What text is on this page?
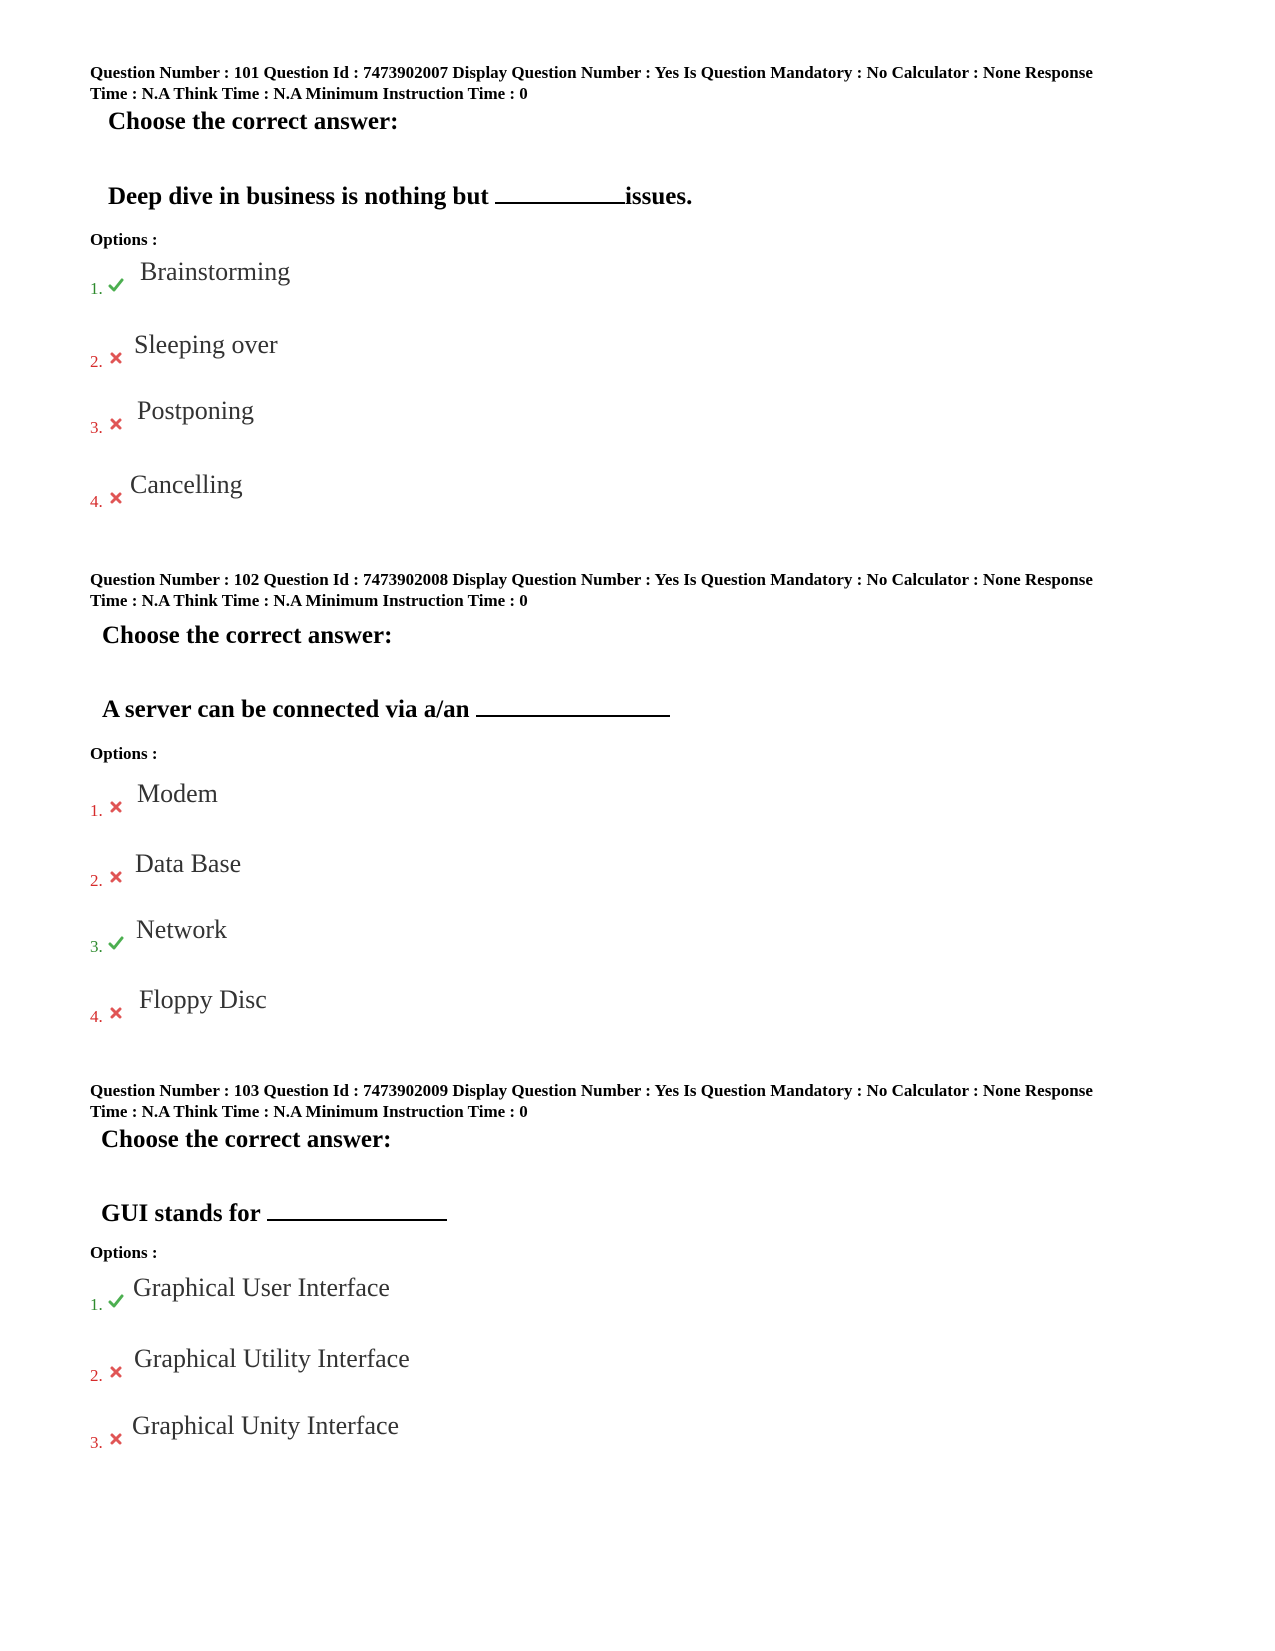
Question Number : 101 Question Id : 7473902007 Display Question Number : Yes Is Question Mandatory : No Calculator : None Response

Time : N.A Think Time : N.A Minimum Instruction Time : 0

Choose the correct answer:
Deep dive in business is nothing but	issues.
Options :
1.
Brainstorming
2.
Sleeping over
3.
Postponing
4.
Cancelling

Question Number : 102 Question Id : 7473902008 Display Question Number : Yes Is Question Mandatory : No Calculator : None Response

Time : N.A Think Time : N.A Minimum Instruction Time : 0

Choose the correct answer:
A server can be connected via a/an
Options :
1.
Modem
2.
Data Base
3.
Network
4.
Floppy Disc

Question Number : 103 Question Id : 7473902009 Display Question Number : Yes Is Question Mandatory : No Calculator : None Response

Time : N.A Think Time : N.A Minimum Instruction Time : 0

Choose the correct answer:
GUI stands for
Options :
1.
Graphical User Interface
2.
Graphical Utility Interface
3.
Graphical Unity Interface
